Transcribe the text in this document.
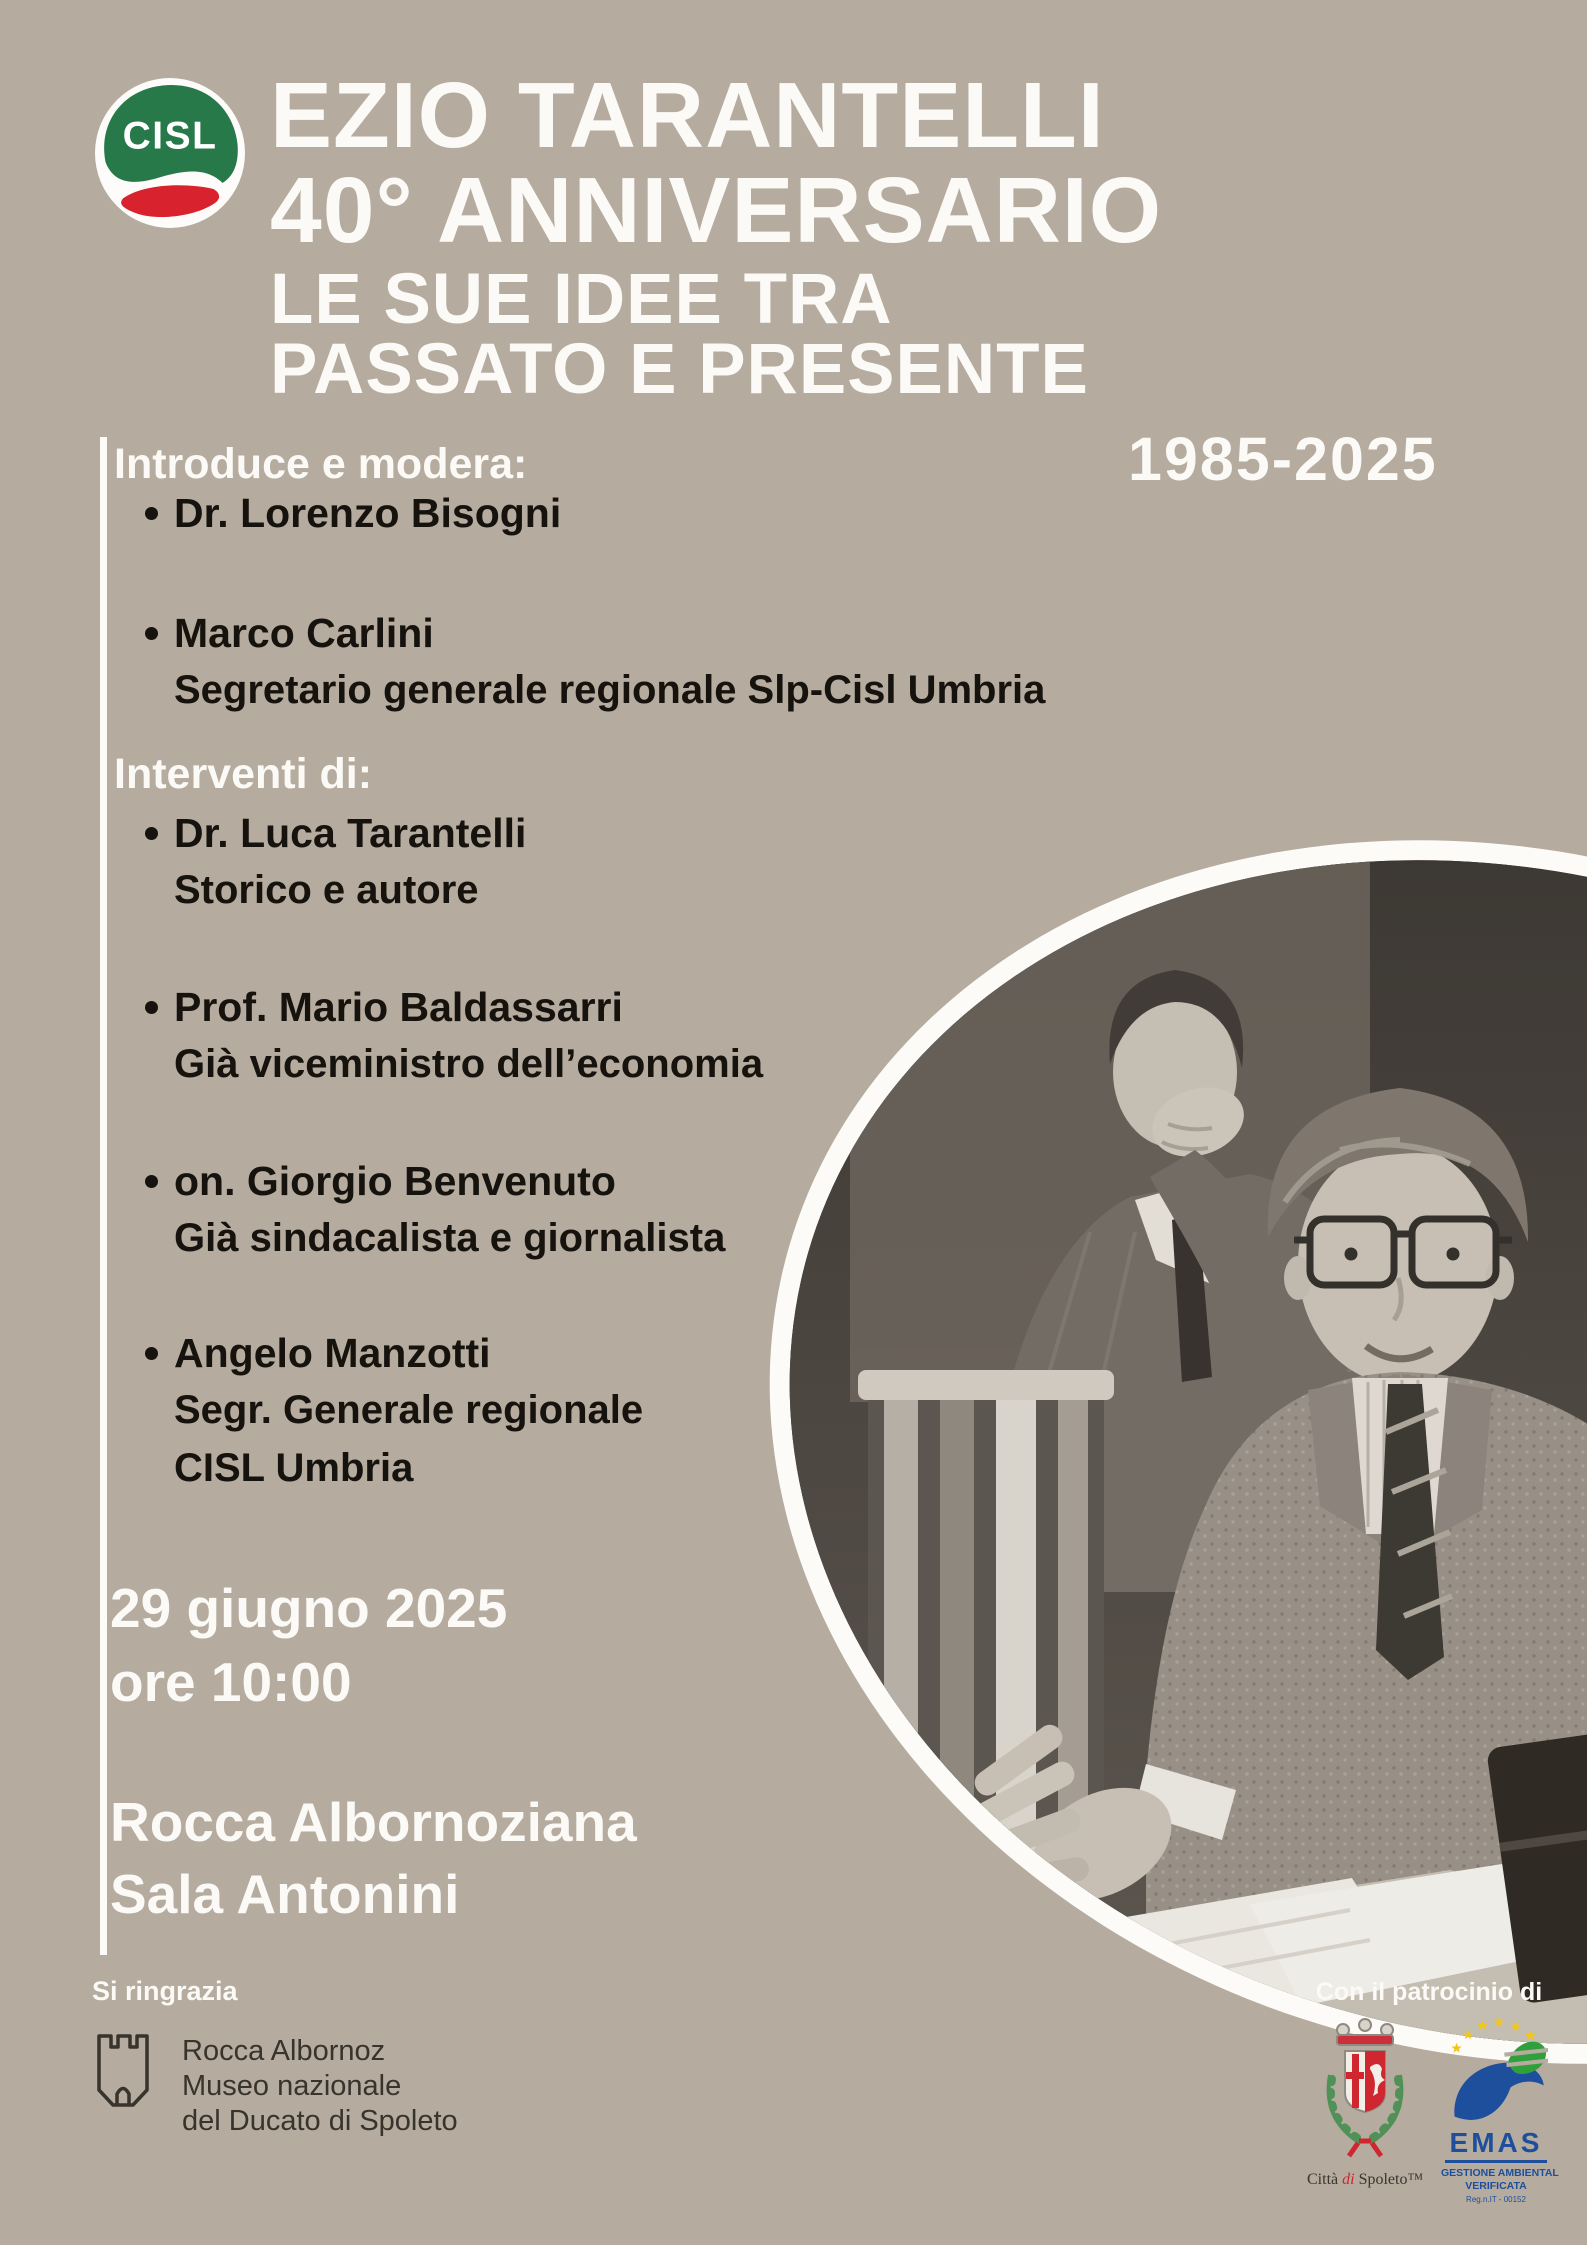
CISL EZIO TARANTELLI
40° ANNIVERSARIO
LE SUE IDEE TRA
PASSATO E PRESENTE
1985-2025
Introduce e modera:
Dr. Lorenzo Bisogni
Marco Carlini
Segretario generale regionale Slp-Cisl Umbria
Interventi di:
Dr. Luca Tarantelli
Storico e autore
Prof. Mario Baldassarri
Già viceministro dell’economia
on. Giorgio Benvenuto
Già sindacalista e giornalista
Angelo Manzotti
Segr. Generale regionale
CISL Umbria
29 giugno 2025
ore 10:00
Rocca Albornoziana
Sala Antonini
Si ringrazia
Rocca Albornoz
Museo nazionale
del Ducato di Spoleto
Con il patrocinio di
Città di Spoleto™
EMAS
GESTIONE AMBIENTAL
VERIFICATA
Reg.n.IT - 00152
